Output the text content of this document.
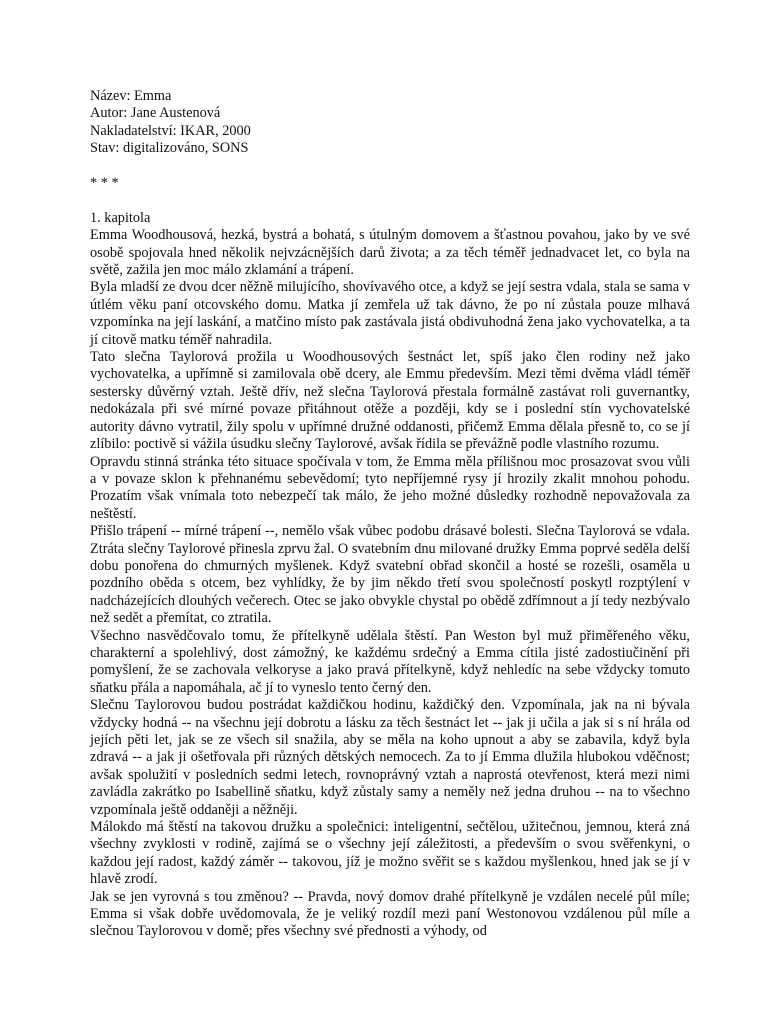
Název: Emma
Autor: Jane Austenová
Nakladatelství: IKAR, 2000
Stav: digitalizováno, SONS
* * *
1. kapitola

Emma Woodhousová, hezká, bystrá a bohatá, s útulným domovem a šťastnou povahou, jako by ve své osobě spojovala hned několik nejvzácnějších darů života; a za těch téměř jednadvacet let, co byla na světě, zažila jen moc málo zklamání a trápení.

Byla mladší ze dvou dcer něžně milujícího, shovívavého otce, a když se její sestra vdala, stala se sama v útlém věku paní otcovského domu. Matka jí zemřela už tak dávno, že po ní zůstala pouze mlhavá vzpomínka na její laskání, a matčino místo pak zastávala jistá obdivuhodná žena jako vychovatelka, a ta jí citově matku téměř nahradila.

Tato slečna Taylorová prožila u Woodhousových šestnáct let, spíš jako člen rodiny než jako vychovatelka, a upřímně si zamilovala obě dcery, ale Emmu především. Mezi těmi dvěma vládl téměř sestersky důvěrný vztah. Ještě dřív, než slečna Taylorová přestala formálně zastávat roli guvernantky, nedokázala při své mírné povaze přitáhnout otěže a později, kdy se i poslední stín vychovatelské autority dávno vytratil, žily spolu v upřímné družné oddanosti, přičemž Emma dělala přesně to, co se jí zlíbilo: poctivě si vážila úsudku slečny Taylorové, avšak řídila se převážně podle vlastního rozumu.

Opravdu stinná stránka této situace spočívala v tom, že Emma měla přílišnou moc prosazovat svou vůli a v povaze sklon k přehnanému sebevědomí; tyto nepříjemné rysy jí hrozily zkalit mnohou pohodu. Prozatím však vnímala toto nebezpečí tak málo, že jeho možné důsledky rozhodně nepovažovala za neštěstí.

Přišlo trápení -- mírné trápení --, nemělo však vůbec podobu drásavé bolesti. Slečna Taylorová se vdala. Ztráta slečny Taylorové přinesla zprvu žal. O svatebním dnu milované družky Emma poprvé seděla delší dobu ponořena do chmurných myšlenek. Když svatební obřad skončil a hosté se rozešli, osaměla u pozdního oběda s otcem, bez vyhlídky, že by jim někdo třetí svou společností poskytl rozptýlení v nadcházejících dlouhých večerech. Otec se jako obvykle chystal po obědě zdřímnout a jí tedy nezbývalo než sedět a přemítat, co ztratila.

Všechno nasvědčovalo tomu, že přítelkyně udělala štěstí. Pan Weston byl muž přiměřeného věku, charakterní a spolehlivý, dost zámožný, ke každému srdečný a Emma cítila jisté zadostiučinění při pomyšlení, že se zachovala velkoryse a jako pravá přítelkyně, když nehledíc na sebe vždycky tomuto sňatku přála a napomáhala, ač jí to vyneslo tento černý den.

Slečnu Taylorovou budou postrádat každičkou hodinu, každičký den. Vzpomínala, jak na ni bývala vždycky hodná -- na všechnu její dobrotu a lásku za těch šestnáct let -- jak ji učila a jak si s ní hrála od jejích pěti let, jak se ze všech sil snažila, aby se měla na koho upnout a aby se zabavila, když byla zdravá -- a jak ji ošetřovala při různých dětských nemocech. Za to jí Emma dlužila hlubokou vděčnost; avšak spolužití v posledních sedmi letech, rovnoprávný vztah a naprostá otevřenost, která mezi nimi zavládla zakrátko po Isabellině sňatku, když zůstaly samy a neměly než jedna druhou -- na to všechno vzpomínala ještě oddaněji a něžněji.

Málokdo má štěstí na takovou družku a společnici: inteligentní, sečtělou, užitečnou, jemnou, která zná všechny zvyklosti v rodině, zajímá se o všechny její záležitosti, a především o svou svěřenkyni, o každou její radost, každý záměr -- takovou, jíž je možno svěřit se s každou myšlenkou, hned jak se jí v hlavě zrodí.

Jak se jen vyrovná s tou změnou? -- Pravda, nový domov drahé přítelkyně je vzdálen necelé půl míle; Emma si však dobře uvědomovala, že je veliký rozdíl mezi paní Westonovou vzdálenou půl míle a slečnou Taylorovou v domě; přes všechny své přednosti a výhody, od
